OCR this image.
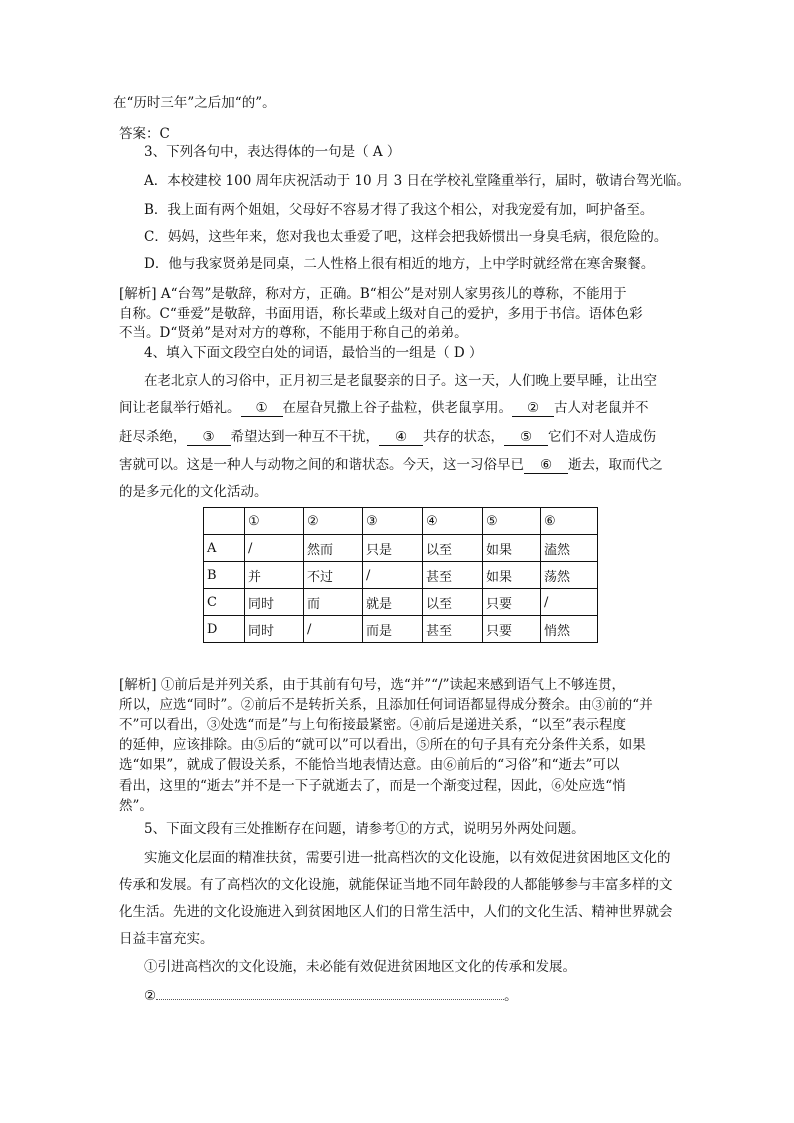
在“历时三年”之后加“的”。
答案：C
3、下列各句中，表达得体的一句是（ A ）
A．本校建校 100 周年庆祝活动于 10 月 3 日在学校礼堂隆重举行，届时，敬请台驾光临。
B．我上面有两个姐姐，父母好不容易才得了我这个相公，对我宠爱有加，呵护备至。
C．妈妈，这些年来，您对我也太垂爱了吧，这样会把我娇惯出一身臭毛病，很危险的。
D．他与我家贤弟是同桌，二人性格上很有相近的地方，上中学时就经常在寒舍聚餐。
[解析] A“台驾”是敬辞，称对方，正确。B“相公”是对别人家男孩儿的尊称，不能用于
自称。C“垂爱”是敬辞，书面用语，称长辈或上级对自己的爱护，多用于书信。语体色彩
不当。D“贤弟”是对对方的尊称，不能用于称自己的弟弟。
4、填入下面文段空白处的词语，最恰当的一组是（ D ）
在老北京人的习俗中，正月初三是老鼠娶亲的日子。这一天，人们晚上要早睡，让出空
间让老鼠举行婚礼。①在屋旮旯撒上谷子盐粒，供老鼠享用。②古人对老鼠并不
赶尽杀绝，③希望达到一种互不干扰，④共存的状态，⑤它们不对人造成伤
害就可以。这是一种人与动物之间的和谐状态。今天，这一习俗早已⑥逝去，取而代之
的是多元化的文化活动。
	①	②	③	④	⑤	⑥
A	/	然而	只是	以至	如果	溘然
B	并	不过	/	甚至	如果	荡然
C	同时	而	就是	以至	只要	/
D	同时	/	而是	甚至	只要	悄然
[解析] ①前后是并列关系，由于其前有句号，选“并”“/”读起来感到语气上不够连贯，
所以，应选“同时”。②前后不是转折关系，且添加任何词语都显得成分赘余。由③前的“并
不”可以看出，③处选“而是”与上句衔接最紧密。④前后是递进关系，“以至”表示程度
的延伸，应该排除。由⑤后的“就可以”可以看出，⑤所在的句子具有充分条件关系，如果
选“如果”，就成了假设关系，不能恰当地表情达意。由⑥前后的“习俗”和“逝去”可以
看出，这里的“逝去”并不是一下子就逝去了，而是一个渐变过程，因此，⑥处应选“悄
然”。
5、下面文段有三处推断存在问题，请参考①的方式，说明另外两处问题。
实施文化层面的精准扶贫，需要引进一批高档次的文化设施，以有效促进贫困地区文化的
传承和发展。有了高档次的文化设施，就能保证当地不同年龄段的人都能够参与丰富多样的文
化生活。先进的文化设施进入到贫困地区人们的日常生活中，人们的文化生活、精神世界就会
日益丰富充实。
①引进高档次的文化设施，未必能有效促进贫困地区文化的传承和发展。
②	。
